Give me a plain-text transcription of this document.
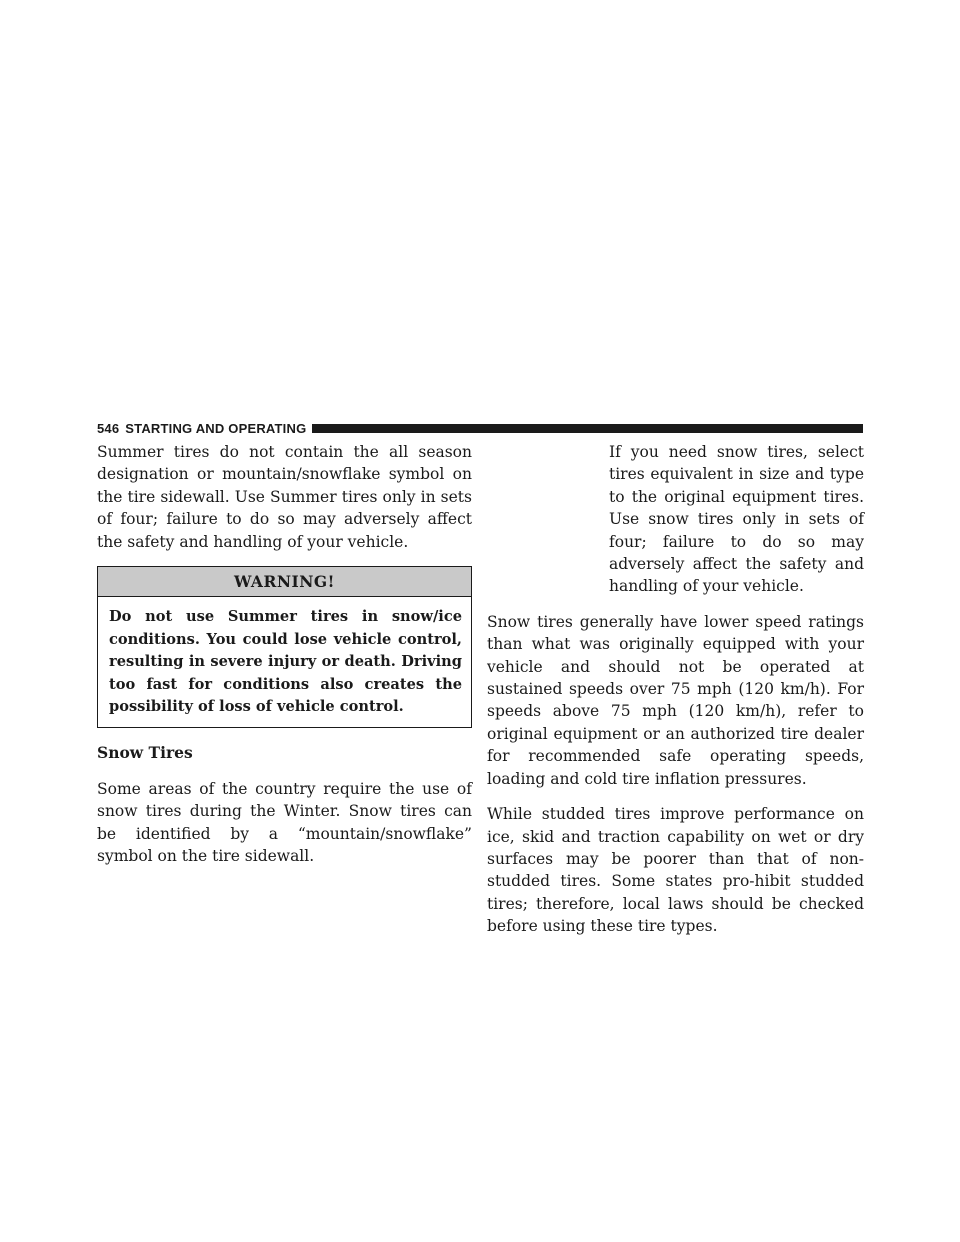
546 STARTING AND OPERATING

Summer tires do not contain the all season designation or mountain/snowflake symbol on the tire sidewall. Use Summer tires only in sets of four; failure to do so may adversely affect the safety and handling of your vehicle.

WARNING!
Do not use Summer tires in snow/ice conditions. You could lose vehicle control, resulting in severe injury or death. Driving too fast for conditions also creates the possibility of loss of vehicle control.
Snow Tires

Some areas of the country require the use of snow tires during the Winter. Snow tires can be identified by a “mountain/snowflake” symbol on the tire sidewall.

If you need snow tires, select tires equivalent in size and type to the original equipment tires. Use snow tires only in sets of four; failure to do so may adversely affect the safety and handling of your vehicle.

Snow tires generally have lower speed ratings than what was originally equipped with your vehicle and should not be operated at sustained speeds over 75 mph (120 km/h). For speeds above 75 mph (120 km/h), refer to original equipment or an authorized tire dealer for recommended safe operating speeds, loading and cold tire inflation pressures.

While studded tires improve performance on ice, skid and traction capability on wet or dry surfaces may be poorer than that of non-studded tires. Some states pro-hibit studded tires; therefore, local laws should be checked before using these tire types.
